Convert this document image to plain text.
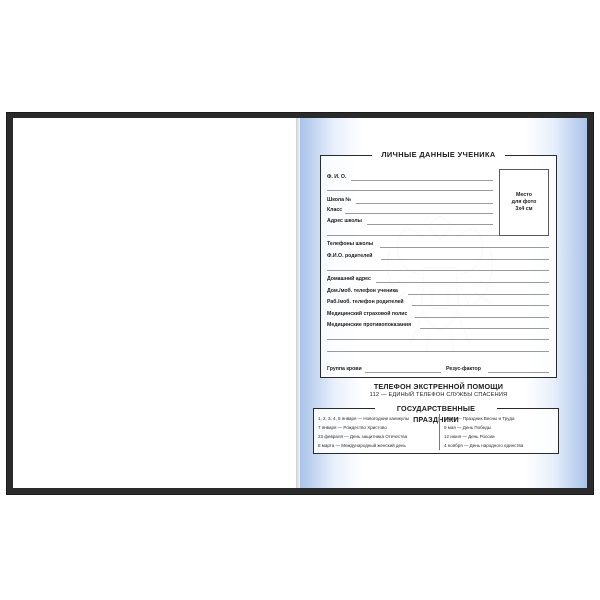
ЛИЧНЫЕ ДАННЫЕ УЧЕНИКА
Ф. И. О.
Школа №
Класс
Адрес школы
Телефоны школы
Ф.И.О. родителей
Домашний адрес
Дом./моб. телефон ученика
Раб./моб. телефон родителей
Медицинский страховой полис
Медицинские противопоказания
Группа крови	Резус-фактор
Место
для фото
3х4 см
ТЕЛЕФОН ЭКСТРЕННОЙ ПОМОЩИ
112 — ЕДИНЫЙ ТЕЛЕФОН СЛУЖБЫ СПАСЕНИЯ
ГОСУДАРСТВЕННЫЕ ПРАЗДНИКИ
1, 2, 3, 4, 5 января — Новогодние каникулы
7 января — Рождество Христово
23 февраля — День защитника Отечества
8 марта — Международный женский день
1 мая — Праздник Весны и Труда
9 мая — День Победы
12 июня — День России
4 ноября — День народного единства
